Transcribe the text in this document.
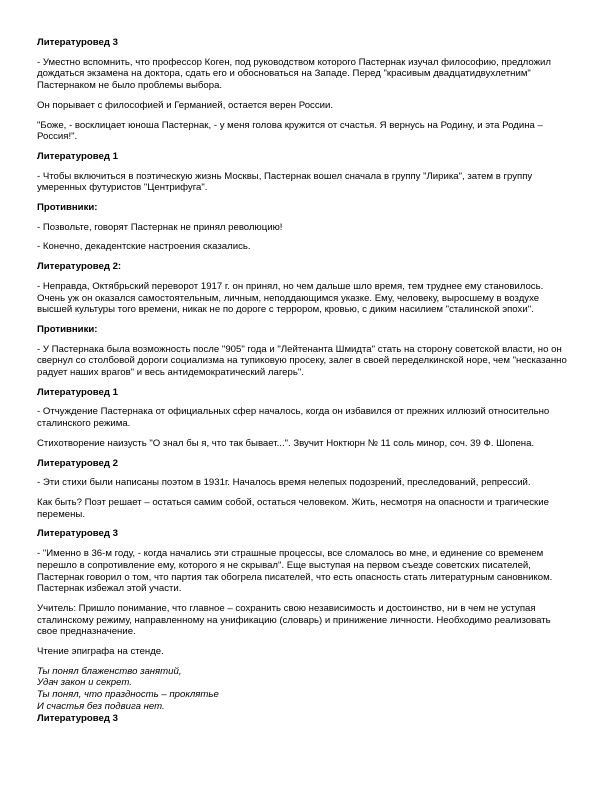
Литературовед 3
- Уместно вспомнить, что профессор Коген, под руководством которого Пастернак изучал философию, предложил дождаться экзамена на доктора, сдать его и обосноваться на Западе. Перед "красивым двадцатидвухлетним" Пастернаком не было проблемы выбора.
Он порывает с философией и Германией, остается верен России.
"Боже, - восклицает юноша Пастернак, - у меня голова кружится от счастья. Я вернусь на Родину, и эта Родина – Россия!".
Литературовед 1
- Чтобы включиться в поэтическую жизнь Москвы, Пастернак вошел сначала в группу "Лирика", затем в группу умеренных футуристов "Центрифуга".
Противники:
- Позвольте, говорят Пастернак не принял революцию!
- Конечно, декадентские настроения сказались.
Литературовед 2:
- Неправда, Октябрьский переворот 1917 г. он принял, но чем дальше шло время, тем труднее ему становилось. Очень уж он оказался самостоятельным, личным, неподдающимся указке. Ему, человеку, выросшему в воздухе высшей культуры того времени, никак не по дороге с террором, кровью, с диким насилием "сталинской эпохи".
Противники:
- У Пастернака была возможность после "905" года и "Лейтенанта Шмидта" стать на сторону советской власти, но он свернул со столбовой дороги социализма на тупиковую просеку, залег в своей переделкинской норе, чем "несказанно радует наших врагов" и весь антидемократический лагерь".
Литературовед 1
- Отчуждение Пастернака от официальных сфер началось, когда он избавился от прежних иллюзий относительно сталинского режима.
Стихотворение наизусть "О знал бы я, что так бывает...". Звучит Ноктюрн № 11 соль минор, соч. 39 Ф. Шопена.
Литературовед 2
- Эти стихи были написаны поэтом в 1931г. Началось время нелепых подозрений, преследований, репрессий.
Как быть? Поэт решает – остаться самим собой, остаться человеком. Жить, несмотря на опасности и трагические перемены.
Литературовед 3
- "Именно в 36-м году, - когда начались эти страшные процессы, все сломалось во мне, и единение со временем перешло в сопротивление ему, которого я не скрывал". Еще выступая на первом съезде советских писателей, Пастернак говорил о том, что партия так обогрела писателей, что есть опасность стать литературным сановником. Пастернак избежал этой участи.
Учитель: Пришло понимание, что главное – сохранить свою независимость и достоинство, ни в чем не уступая сталинскому режиму, направленному на унификацию (словарь) и принижение личности. Необходимо реализовать свое предназначение.
Чтение эпиграфа на стенде.
Ты понял блаженство занятий,
Удач закон и секрет.
Ты понял, что праздность – проклятье
И счастья без подвига нет.
Литературовед 3
